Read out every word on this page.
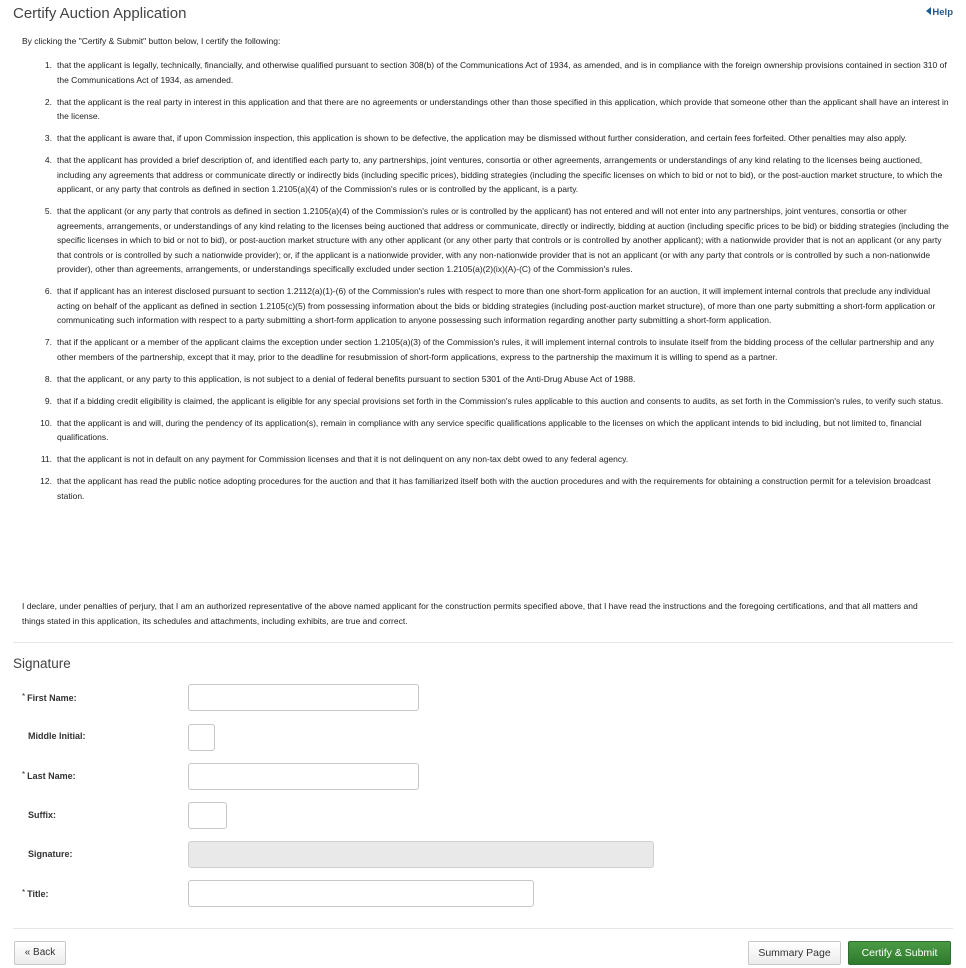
Certify Auction Application	Help
By clicking the "Certify & Submit" button below, I certify the following:
1. that the applicant is legally, technically, financially, and otherwise qualified pursuant to section 308(b) of the Communications Act of 1934, as amended, and is in compliance with the foreign ownership provisions contained in section 310 of the Communications Act of 1934, as amended.
2. that the applicant is the real party in interest in this application and that there are no agreements or understandings other than those specified in this application, which provide that someone other than the applicant shall have an interest in the license.
3. that the applicant is aware that, if upon Commission inspection, this application is shown to be defective, the application may be dismissed without further consideration, and certain fees forfeited. Other penalties may also apply.
4. that the applicant has provided a brief description of, and identified each party to, any partnerships, joint ventures, consortia or other agreements, arrangements or understandings of any kind relating to the licenses being auctioned, including any agreements that address or communicate directly or indirectly bids (including specific prices), bidding strategies (including the specific licenses on which to bid or not to bid), or the post-auction market structure, to which the applicant, or any party that controls as defined in section 1.2105(a)(4) of the Commission's rules or is controlled by the applicant, is a party.
5. that the applicant (or any party that controls as defined in section 1.2105(a)(4) of the Commission's rules or is controlled by the applicant) has not entered and will not enter into any partnerships, joint ventures, consortia or other agreements, arrangements, or understandings of any kind relating to the licenses being auctioned that address or communicate, directly or indirectly, bidding at auction (including specific prices to be bid) or bidding strategies (including the specific licenses in which to bid or not to bid), or post-auction market structure with any other applicant (or any other party that controls or is controlled by another applicant); with a nationwide provider that is not an applicant (or any party that controls or is controlled by such a nationwide provider); or, if the applicant is a nationwide provider, with any non-nationwide provider that is not an applicant (or with any party that controls or is controlled by such a non-nationwide provider), other than agreements, arrangements, or understandings specifically excluded under section 1.2105(a)(2)(ix)(A)-(C) of the Commission's rules.
6. that if applicant has an interest disclosed pursuant to section 1.2112(a)(1)-(6) of the Commission's rules with respect to more than one short-form application for an auction, it will implement internal controls that preclude any individual acting on behalf of the applicant as defined in section 1.2105(c)(5) from possessing information about the bids or bidding strategies (including post-auction market structure), of more than one party submitting a short-form application or communicating such information with respect to a party submitting a short-form application to anyone possessing such information regarding another party submitting a short-form application.
7. that if the applicant or a member of the applicant claims the exception under section 1.2105(a)(3) of the Commission's rules, it will implement internal controls to insulate itself from the bidding process of the cellular partnership and any other members of the partnership, except that it may, prior to the deadline for resubmission of short-form applications, express to the partnership the maximum it is willing to spend as a partner.
8. that the applicant, or any party to this application, is not subject to a denial of federal benefits pursuant to section 5301 of the Anti-Drug Abuse Act of 1988.
9. that if a bidding credit eligibility is claimed, the applicant is eligible for any special provisions set forth in the Commission's rules applicable to this auction and consents to audits, as set forth in the Commission's rules, to verify such status.
10. that the applicant is and will, during the pendency of its application(s), remain in compliance with any service specific qualifications applicable to the licenses on which the applicant intends to bid including, but not limited to, financial qualifications.
11. that the applicant is not in default on any payment for Commission licenses and that it is not delinquent on any non-tax debt owed to any federal agency.
12. that the applicant has read the public notice adopting procedures for the auction and that it has familiarized itself both with the auction procedures and with the requirements for obtaining a construction permit for a television broadcast station.
I declare, under penalties of perjury, that I am an authorized representative of the above named applicant for the construction permits specified above, that I have read the instructions and the foregoing certifications, and that all matters and things stated in this application, its schedules and attachments, including exhibits, are true and correct.
Signature
* First Name:
Middle Initial:
* Last Name:
Suffix:
Signature:
* Title:
« Back	Summary Page	Certify & Submit
